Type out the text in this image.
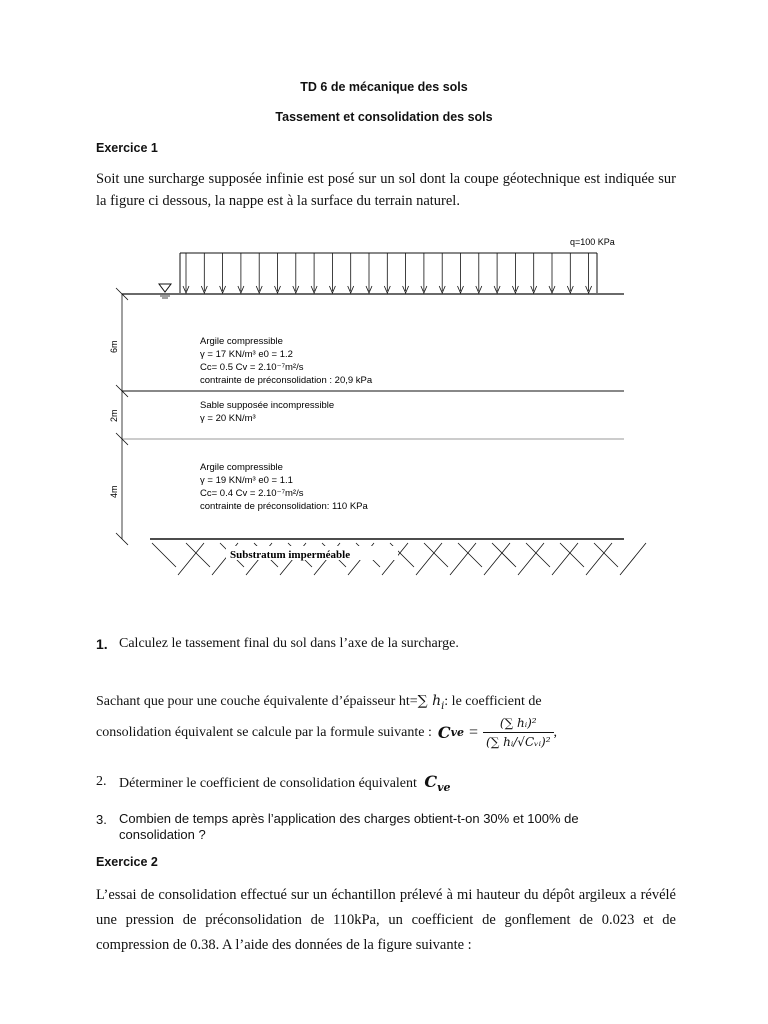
TD 6 de mécanique des sols
Tassement et consolidation des sols
Exercice 1
Soit une surcharge supposée infinie est posé sur un sol dont la coupe géotechnique est indiquée sur la figure ci dessous, la nappe est à la surface du terrain naturel.
q=100 KPa
6m
2m
4m
Argile compressible
γ = 17 KN/m³ e0 = 1.2
Cc= 0.5 Cv = 2.10⁻⁷m²/s
contrainte de préconsolidation : 20,9 kPa
Sable supposée incompressible
γ = 20 KN/m³
Argile compressible
γ = 19 KN/m³ e0 = 1.1
Cc= 0.4 Cv = 2.10⁻⁷m²/s
contrainte de préconsolidation: 110 KPa
Substratum imperméable
1. Calculez le tassement final du sol dans l’axe de la surcharge.
Sachant que pour une couche équivalente d’épaisseur ht=∑ $h_i$: le coefficient de
consolidation équivalent se calcule par la formule suivante : C ve = $\frac{\text{(∑ hᵢ)²}}{\text{(∑ hᵢ/√Cᵥᵢ)²}}$ ,
2. Déterminer le coefficient de consolidation équivalent $C_{ve}$
3. Combien de temps après l’application des charges obtient-t-on 30% et 100% de
consolidation ?
Exercice 2
L’essai de consolidation effectué sur un échantillon prélevé à mi hauteur du dépôt argileux a révélé une pression de préconsolidation de 110kPa, un coefficient de gonflement de 0.023 et de compression de 0.38. A l’aide des données de la figure suivante :
